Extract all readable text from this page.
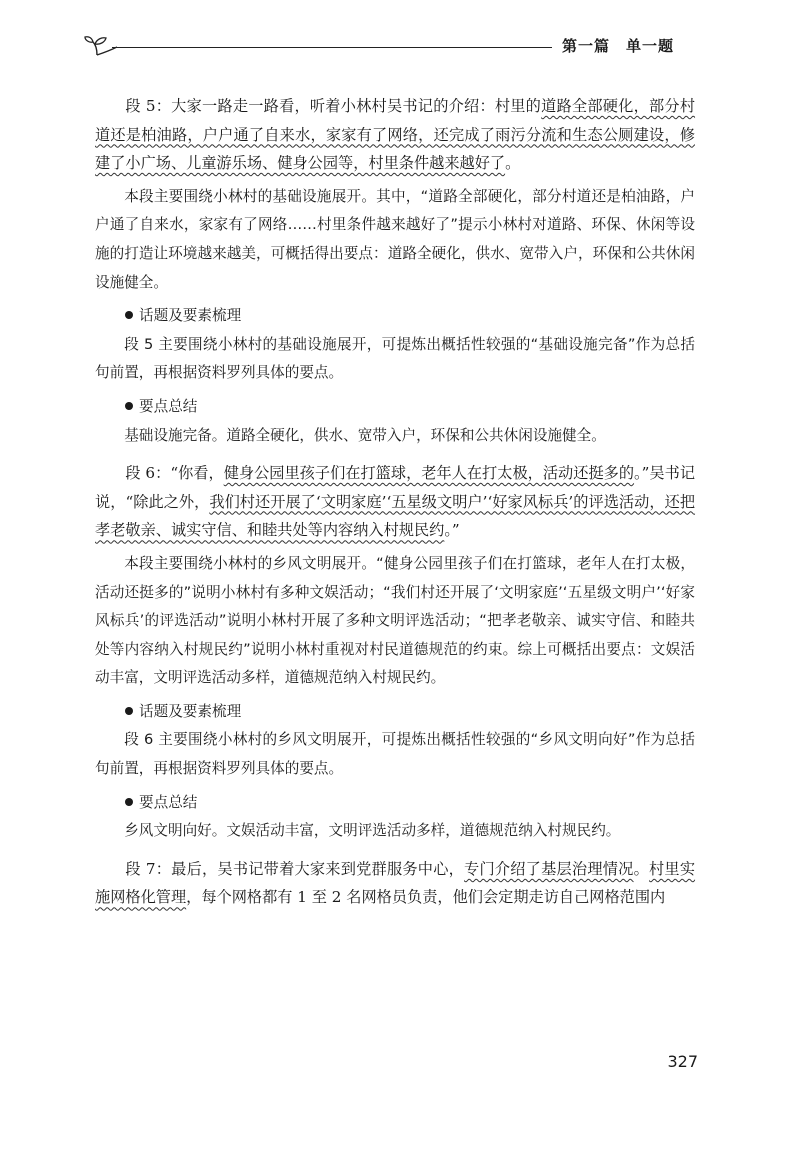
第一篇 单一题

段 5：大家一路走一路看，听着小林村吴书记的介绍：村里的道路全部硬化，部分村道还是柏油路，户户通了自来水，家家有了网络，还完成了雨污分流和生态公厕建设，修建了小广场、儿童游乐场、健身公园等，村里条件越来越好了。

本段主要围绕小林村的基础设施展开。其中，“道路全部硬化，部分村道还是柏油路，户户通了自来水，家家有了网络……村里条件越来越好了”提示小林村对道路、环保、休闲等设施的打造让环境越来越美，可概括得出要点：道路全硬化，供水、宽带入户，环保和公共休闲设施健全。

话题及要素梳理

段 5 主要围绕小林村的基础设施展开，可提炼出概括性较强的“基础设施完备”作为总括句前置，再根据资料罗列具体的要点。

要点总结

基础设施完备。道路全硬化，供水、宽带入户，环保和公共休闲设施健全。

段 6：“你看，健身公园里孩子们在打篮球，老年人在打太极，活动还挺多的。”吴书记说，“除此之外，我们村还开展了‘文明家庭’‘五星级文明户’‘好家风标兵’的评选活动，还把孝老敬亲、诚实守信、和睦共处等内容纳入村规民约。”

本段主要围绕小林村的乡风文明展开。“健身公园里孩子们在打篮球，老年人在打太极，活动还挺多的”说明小林村有多种文娱活动；“我们村还开展了‘文明家庭’‘五星级文明户’‘好家风标兵’的评选活动”说明小林村开展了多种文明评选活动；“把孝老敬亲、诚实守信、和睦共处等内容纳入村规民约”说明小林村重视对村民道德规范的约束。综上可概括出要点：文娱活动丰富，文明评选活动多样，道德规范纳入村规民约。

话题及要素梳理

段 6 主要围绕小林村的乡风文明展开，可提炼出概括性较强的“乡风文明向好”作为总括句前置，再根据资料罗列具体的要点。

要点总结

乡风文明向好。文娱活动丰富，文明评选活动多样，道德规范纳入村规民约。

段 7：最后，吴书记带着大家来到党群服务中心，专门介绍了基层治理情况。村里实施网格化管理，每个网格都有 1 至 2 名网格员负责，他们会定期走访自己网格范围内

327
